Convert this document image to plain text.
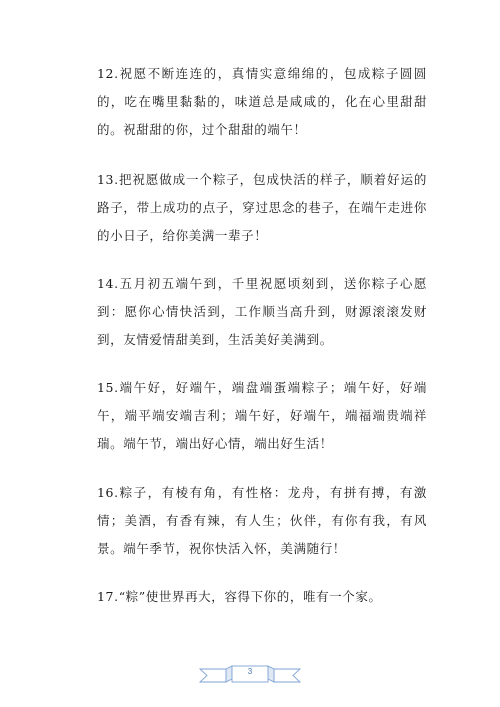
12.祝愿不断连连的，真情实意绵绵的，包成粽子圆圆的，吃在嘴里黏黏的，味道总是咸咸的，化在心里甜甜的。祝甜甜的你，过个甜甜的端午！

13.把祝愿做成一个粽子，包成快活的样子，顺着好运的路子，带上成功的点子，穿过思念的巷子，在端午走进你的小日子，给你美满一辈子！

14.五月初五端午到，千里祝愿顷刻到，送你粽子心愿到：愿你心情快活到，工作顺当高升到，财源滚滚发财到，友情爱情甜美到，生活美好美满到。

15.端午好，好端午，端盘端蛋端粽子；端午好，好端午，端平端安端吉利；端午好，好端午，端福端贵端祥瑞。端午节，端出好心情，端出好生活！

16.粽子，有棱有角，有性格：龙舟，有拼有搏，有激情；美酒，有香有辣，有人生；伙伴，有你有我，有风景。端午季节，祝你快活入怀，美满随行！

17.“粽”使世界再大，容得下你的，唯有一个家。

3
